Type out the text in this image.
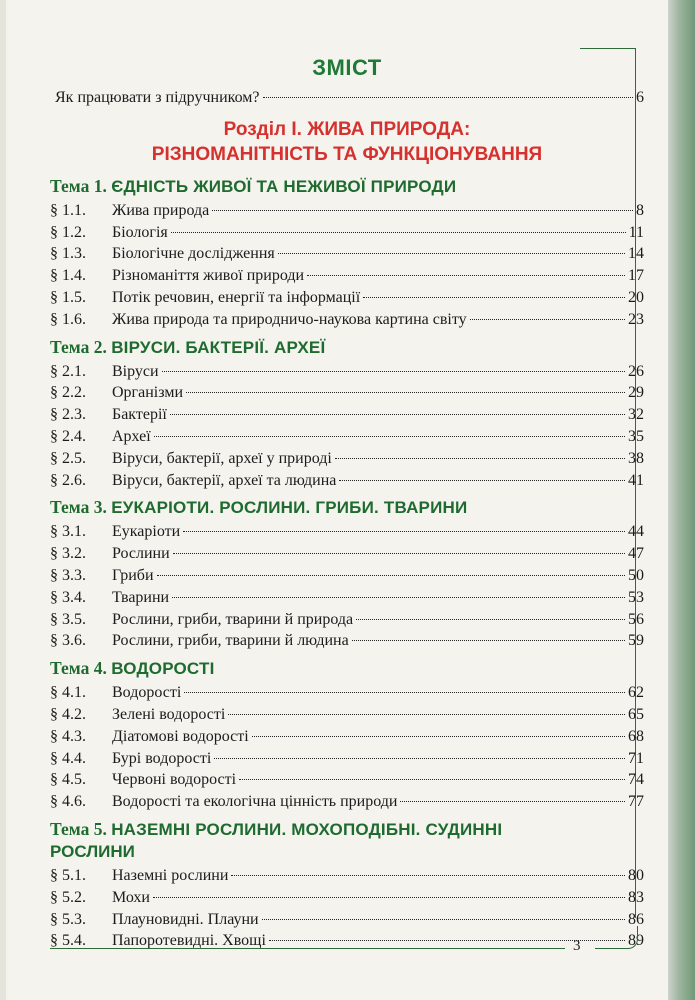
ЗМІСТ
Як працювати з підручником?	6
Розділ І. ЖИВА ПРИРОДА:
РІЗНОМАНІТНІСТЬ ТА ФУНКЦІОНУВАННЯ
Тема 1. ЄДНІСТЬ ЖИВОЇ ТА НЕЖИВОЇ ПРИРОДИ
§ 1.1.	Жива природа	8
§ 1.2.	Біологія	11
§ 1.3.	Біологічне дослідження	14
§ 1.4.	Різноманіття живої природи	17
§ 1.5.	Потік речовин, енергії та інформації	20
§ 1.6.	Жива природа та природничо-наукова картина світу	23
Тема 2. ВІРУСИ. БАКТЕРІЇ. АРХЕЇ
§ 2.1.	Віруси	26
§ 2.2.	Організми	29
§ 2.3.	Бактерії	32
§ 2.4.	Археї	35
§ 2.5.	Віруси, бактерії, археї у природі	38
§ 2.6.	Віруси, бактерії, археї та людина	41
Тема 3. ЕУКАРІОТИ. РОСЛИНИ. ГРИБИ. ТВАРИНИ
§ 3.1.	Еукаріоти	44
§ 3.2.	Рослини	47
§ 3.3.	Гриби	50
§ 3.4.	Тварини	53
§ 3.5.	Рослини, гриби, тварини й природа	56
§ 3.6.	Рослини, гриби, тварини й людина	59
Тема 4. ВОДОРОСТІ
§ 4.1.	Водорості	62
§ 4.2.	Зелені водорості	65
§ 4.3.	Діатомові водорості	68
§ 4.4.	Бурі водорості	71
§ 4.5.	Червоні водорості	74
§ 4.6.	Водорості та екологічна цінність природи	77
Тема 5. НАЗЕМНІ РОСЛИНИ. МОХОПОДІБНІ. СУДИННІ
РОСЛИНИ
§ 5.1.	Наземні рослини	80
§ 5.2.	Мохи	83
§ 5.3.	Плауновидні. Плауни	86
§ 5.4.	Папоротевидні. Хвощі	89
3
